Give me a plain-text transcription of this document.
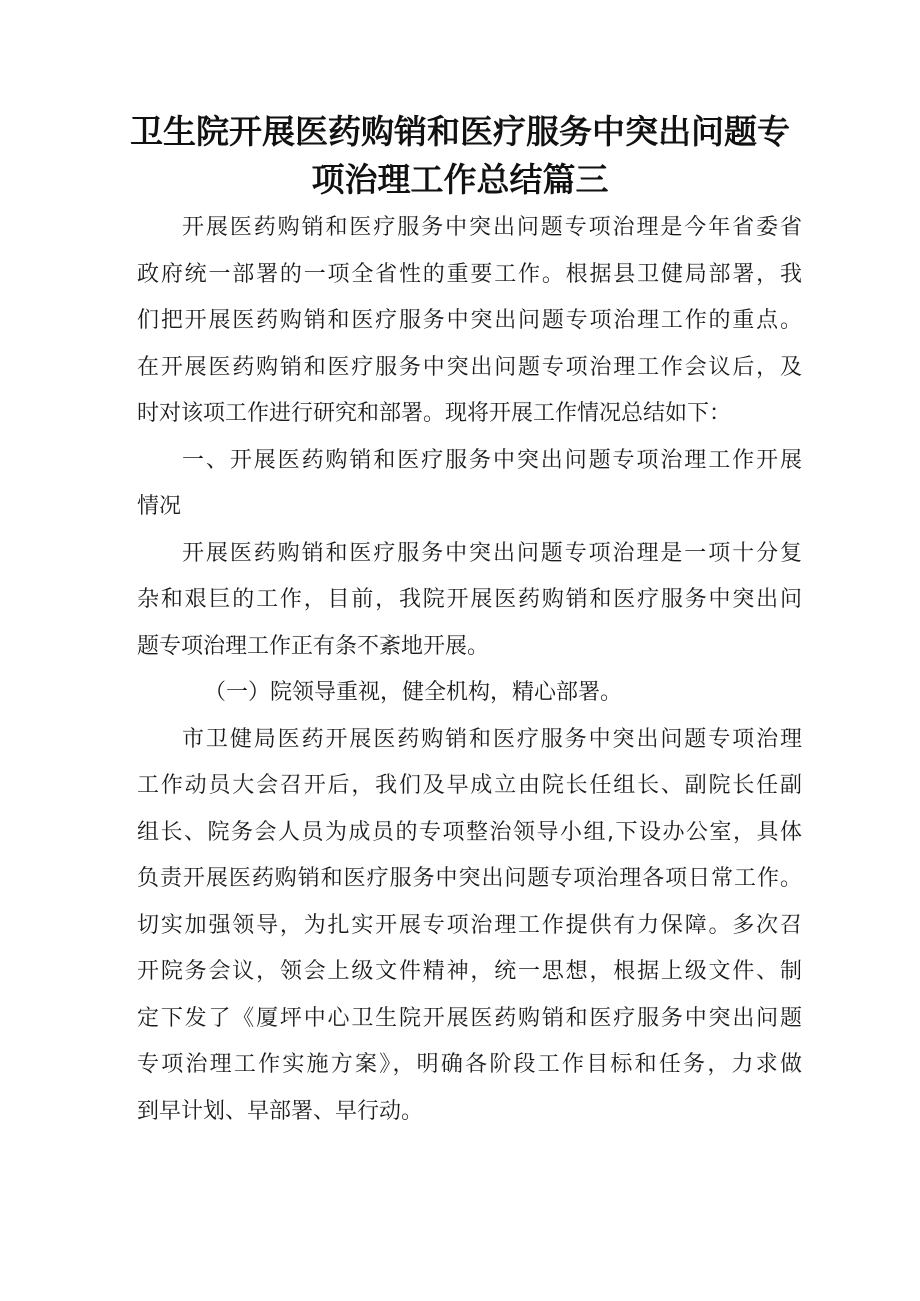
卫生院开展医药购销和医疗服务中突出问题专
项治理工作总结篇三
开展医药购销和医疗服务中突出问题专项治理是今年省委省
政府统一部署的一项全省性的重要工作。根据县卫健局部署，我
们把开展医药购销和医疗服务中突出问题专项治理工作的重点。
在开展医药购销和医疗服务中突出问题专项治理工作会议后，及
时对该项工作进行研究和部署。现将开展工作情况总结如下：
一、开展医药购销和医疗服务中突出问题专项治理工作开展
情况
开展医药购销和医疗服务中突出问题专项治理是一项十分复
杂和艰巨的工作，目前，我院开展医药购销和医疗服务中突出问
题专项治理工作正有条不紊地开展。
（一）院领导重视，健全机构，精心部署。
市卫健局医药开展医药购销和医疗服务中突出问题专项治理
工作动员大会召开后，我们及早成立由院长任组长、副院长任副
组长、院务会人员为成员的专项整治领导小组,下设办公室，具体
负责开展医药购销和医疗服务中突出问题专项治理各项日常工作。
切实加强领导，为扎实开展专项治理工作提供有力保障。多次召
开院务会议，领会上级文件精神，统一思想，根据上级文件、制
定下发了《厦坪中心卫生院开展医药购销和医疗服务中突出问题
专项治理工作实施方案》，明确各阶段工作目标和任务，力求做
到早计划、早部署、早行动。
